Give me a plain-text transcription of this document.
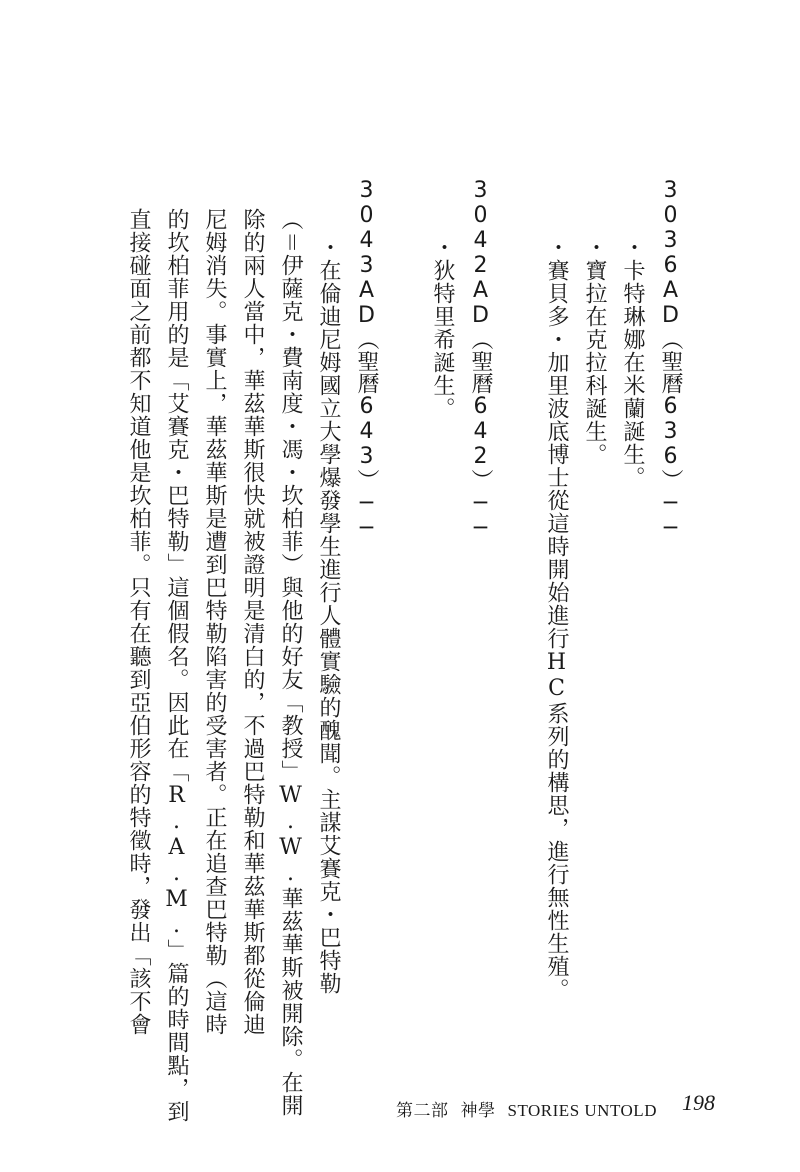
3036AD（聖曆636）──

・卡特琳娜在米蘭誕生。

・寶拉在克拉科誕生。

・賽貝多・加里波底博士從這時開始進行HC系列的構思，進行無性生殖。

3042AD（聖曆642）──

・狄特里希誕生。

3043AD（聖曆643）──

・在倫迪尼姆國立大學爆發學生進行人體實驗的醜聞。主謀艾賽克・巴特勒

（＝伊薩克・費南度・馮・坎柏菲）與他的好友「教授」W.W.華茲華斯被開除。在開

除的兩人當中，華茲華斯很快就被證明是清白的，不過巴特勒和華茲華斯都從倫迪

尼姆消失。事實上，華茲華斯是遭到巴特勒陷害的受害者。正在追查巴特勒（這時

的坎柏菲用的是「艾賽克・巴特勒」這個假名。因此在「R.A.M.」篇的時間點，到

直接碰面之前都不知道他是坎柏菲。只有在聽到亞伯形容的特徵時，發出「該不會

第二部 神學 STORIES UNTOLD 198
